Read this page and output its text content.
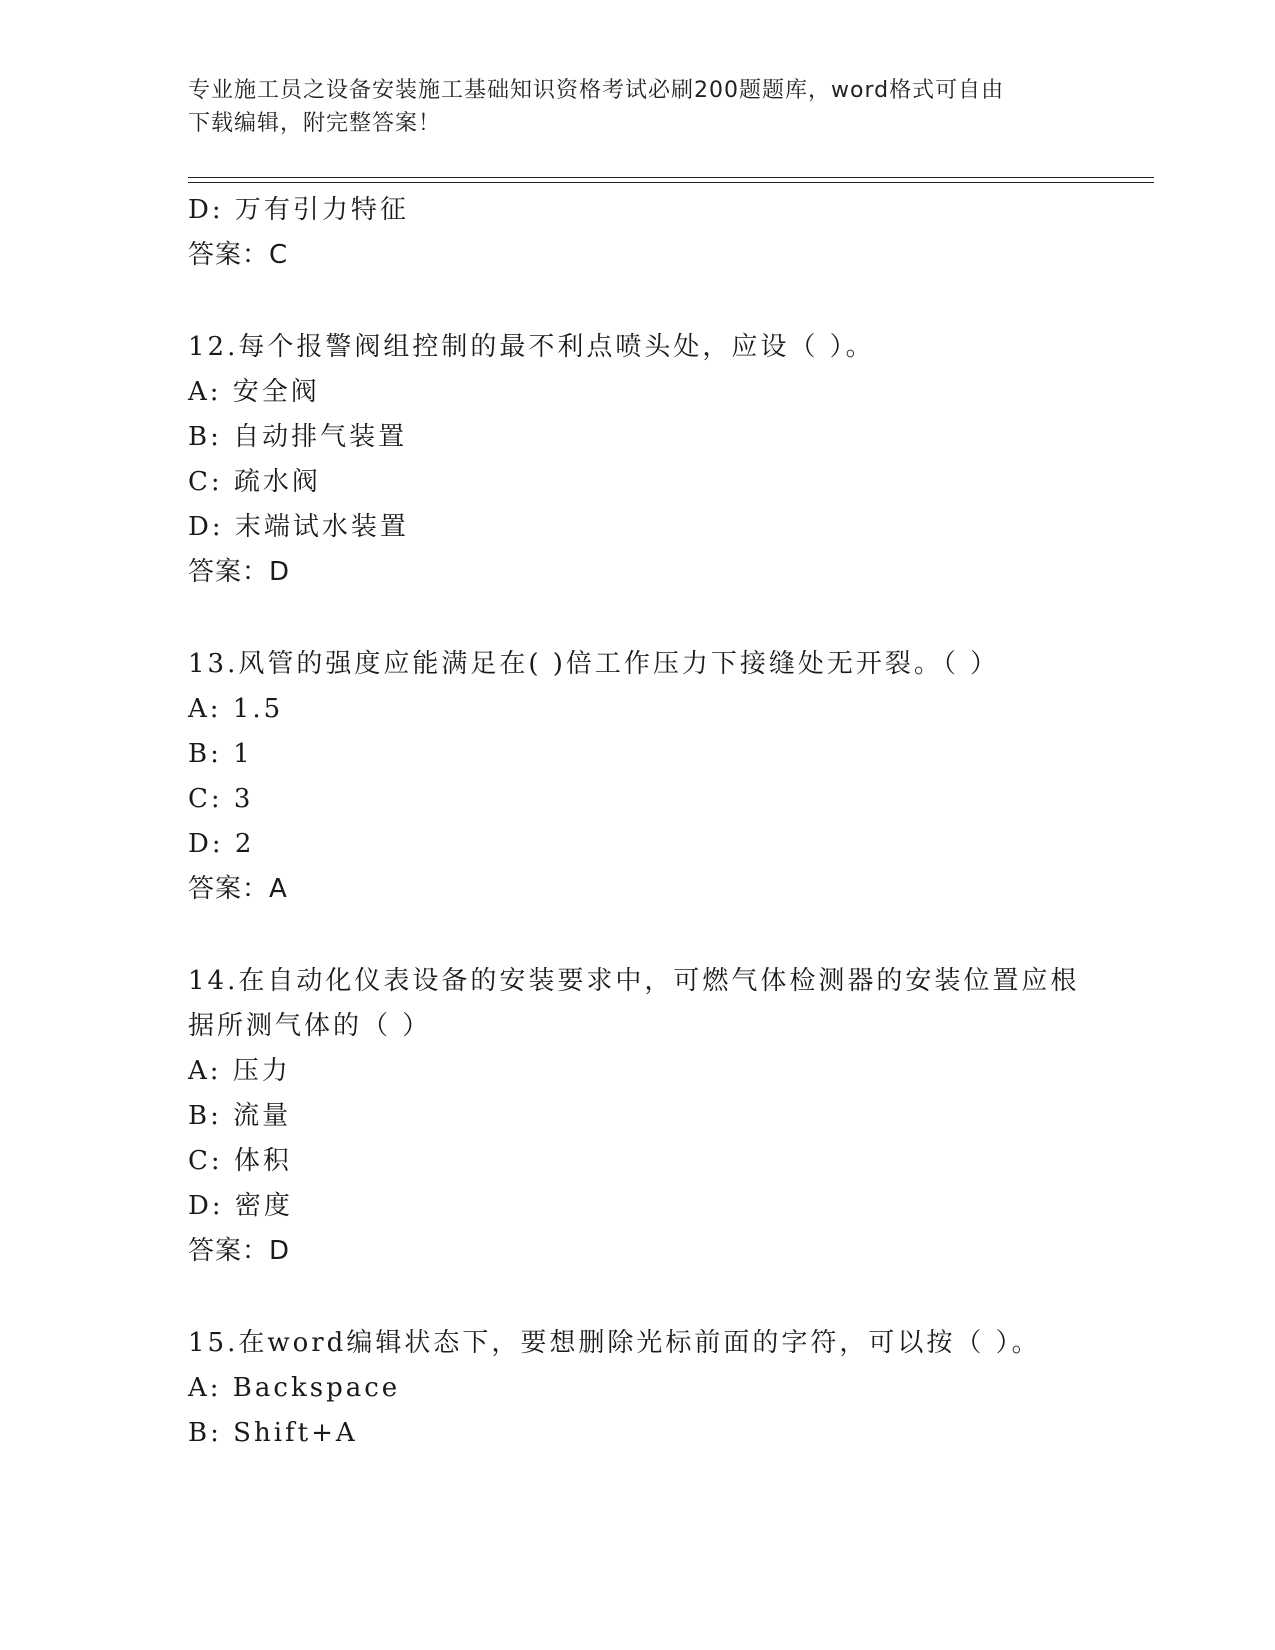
专业施工员之设备安装施工基础知识资格考试必刷200题题库，word格式可自由
下载编辑，附完整答案！
D: 万有引力特征
答案：C
12.每个报警阀组控制的最不利点喷头处，应设（ ）。
A: 安全阀
B: 自动排气装置
C: 疏水阀
D: 末端试水装置
答案：D
13.风管的强度应能满足在( )倍工作压力下接缝处无开裂。（ ）
A: 1.5
B: 1
C: 3
D: 2
答案：A
14.在自动化仪表设备的安装要求中，可燃气体检测器的安装位置应根
据所测气体的（ ）
A: 压力
B: 流量
C: 体积
D: 密度
答案：D
15.在word编辑状态下，要想删除光标前面的字符，可以按（ ）。
A: Backspace
B: Shift+A
